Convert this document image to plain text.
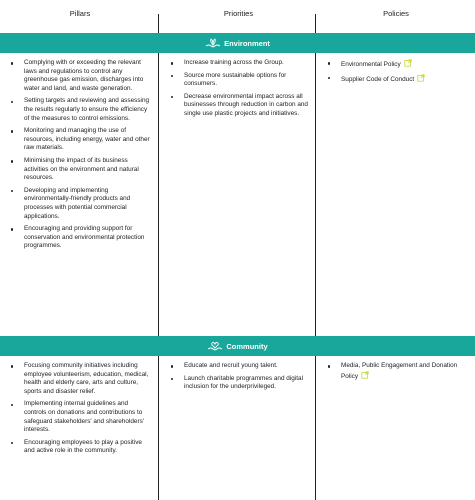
Pillars	Priorities	Policies
Environment
Complying with or exceeding the relevant laws and regulations to control any greenhouse gas emission, discharges into water and land, and waste generation.
Setting targets and reviewing and assessing the results regularly to ensure the efficiency of the measures to control emissions.
Monitoring and managing the use of resources, including energy, water and other raw materials.
Minimising the impact of its business activities on the environment and natural resources.
Developing and implementing environmentally-friendly products and processes with potential commercial applications.
Encouraging and providing support for conservation and environmental protection programmes.
Increase training across the Group.
Source more sustainable options for consumers.
Decrease environmental impact across all businesses through reduction in carbon and single use plastic projects and initiatives.
Environmental Policy
Supplier Code of Conduct
Community
Focusing community initiatives including employee volunteerism, education, medical, health and elderly care, arts and culture, sports and disaster relief.
Implementing internal guidelines and controls on donations and contributions to safeguard stakeholders' and shareholders' interests.
Encouraging employees to play a positive and active role in the community.
Educate and recruit young talent.
Launch charitable programmes and digital inclusion for the underprivileged.
Media, Public Engagement and Donation Policy
